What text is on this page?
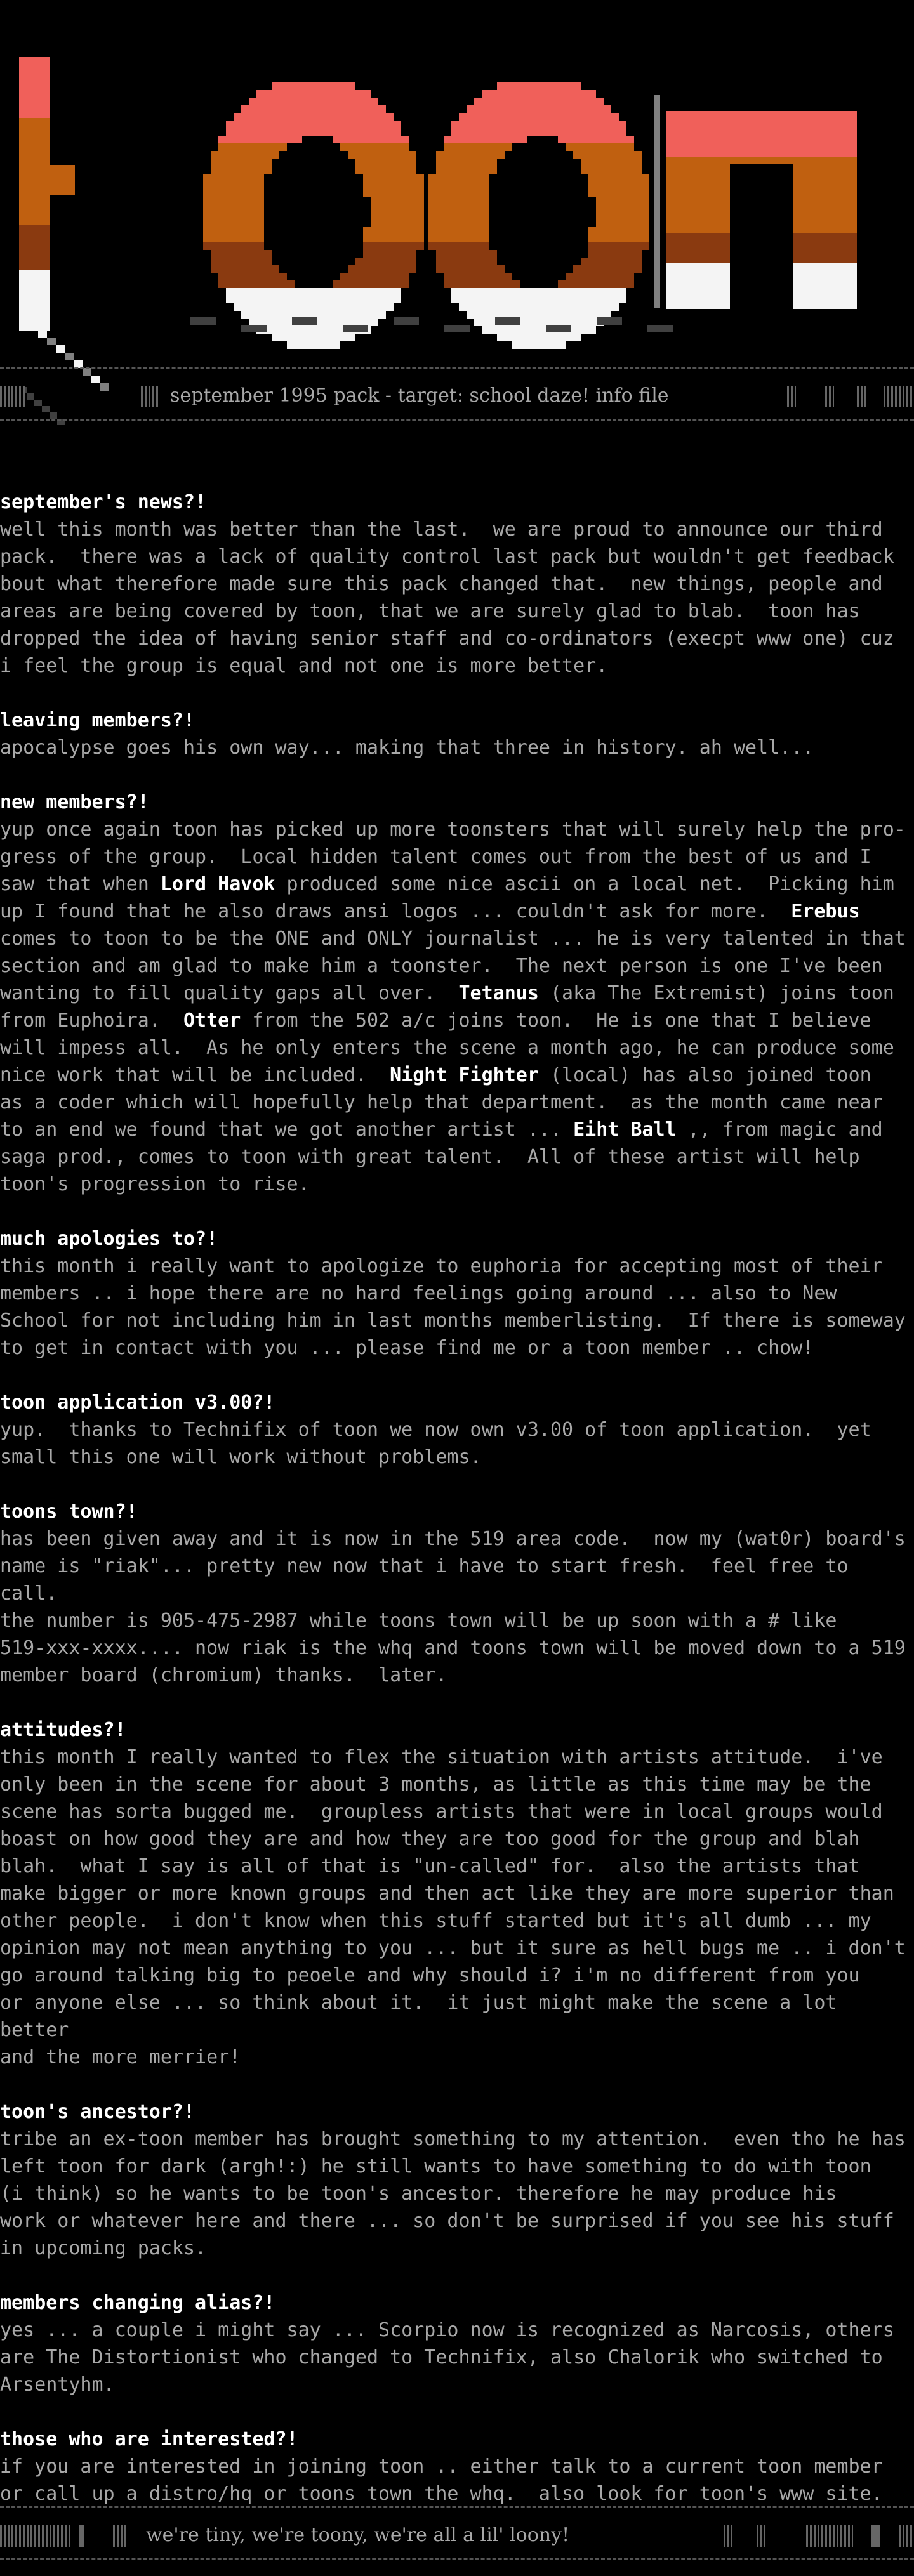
september 1995 pack - target: school daze! info file
september's news?!
well this month was better than the last.  we are proud to announce our third
pack.  there was a lack of quality control last pack but wouldn't get feedback
bout what therefore made sure this pack changed that.  new things, people and
areas are being covered by toon, that we are surely glad to blab.  toon has
dropped the idea of having senior staff and co-ordinators (execpt www one) cuz
i feel the group is equal and not one is more better.
leaving members?!
apocalypse goes his own way... making that three in history. ah well...
new members?!
yup once again toon has picked up more toonsters that will surely help the pro-
gress of the group.  Local hidden talent comes out from the best of us and I
saw that when Lord Havok produced some nice ascii on a local net.  Picking him
up I found that he also draws ansi logos ... couldn't ask for more.  Erebus
comes to toon to be the ONE and ONLY journalist ... he is very talented in that
section and am glad to make him a toonster.  The next person is one I've been
wanting to fill quality gaps all over.  Tetanus (aka The Extremist) joins toon
from Euphoira.  Otter from the 502 a/c joins toon.  He is one that I believe
will impess all.  As he only enters the scene a month ago, he can produce some
nice work that will be included.  Night Fighter (local) has also joined toon
as a coder which will hopefully help that department.  as the month came near
to an end we found that we got another artist ... Eiht Ball ,, from magic and
saga prod., comes to toon with great talent.  All of these artist will help
toon's progression to rise.
much apologies to?!
this month i really want to apologize to euphoria for accepting most of their
members .. i hope there are no hard feelings going around ... also to New
School for not including him in last months memberlisting.  If there is someway
to get in contact with you ... please find me or a toon member .. chow!
toon application v3.00?!
yup.  thanks to Technifix of toon we now own v3.00 of toon application.  yet
small this one will work without problems.
toons town?!
has been given away and it is now in the 519 area code.  now my (wat0r) board's
name is "riak"... pretty new now that i have to start fresh.  feel free to call.
the number is 905-475-2987 while toons town will be up soon with a # like
519-xxx-xxxx.... now riak is the whq and toons town will be moved down to a 519
member board (chromium) thanks.  later.
attitudes?!
this month I really wanted to flex the situation with artists attitude.  i've
only been in the scene for about 3 months, as little as this time may be the
scene has sorta bugged me.  groupless artists that were in local groups would
boast on how good they are and how they are too good for the group and blah
blah.  what I say is all of that is "un-called" for.  also the artists that
make bigger or more known groups and then act like they are more superior than
other people.  i don't know when this stuff started but it's all dumb ... my
opinion may not mean anything to you ... but it sure as hell bugs me .. i don't
go around talking big to peoele and why should i? i'm no different from you
or anyone else ... so think about it.  it just might make the scene a lot better
and the more merrier!
toon's ancestor?!
tribe an ex-toon member has brought something to my attention.  even tho he has
left toon for dark (argh!:) he still wants to have something to do with toon
(i think) so he wants to be toon's ancestor. therefore he may produce his
work or whatever here and there ... so don't be surprised if you see his stuff
in upcoming packs.
members changing alias?!
yes ... a couple i might say ... Scorpio now is recognized as Narcosis, others
are The Distortionist who changed to Technifix, also Chalorik who switched to
Arsentyhm.
those who are interested?!
if you are interested in joining toon .. either talk to a current toon member
or call up a distro/hq or toons town the whq.  also look for toon's www site.
we're tiny, we're toony, we're all a lil' loony!
